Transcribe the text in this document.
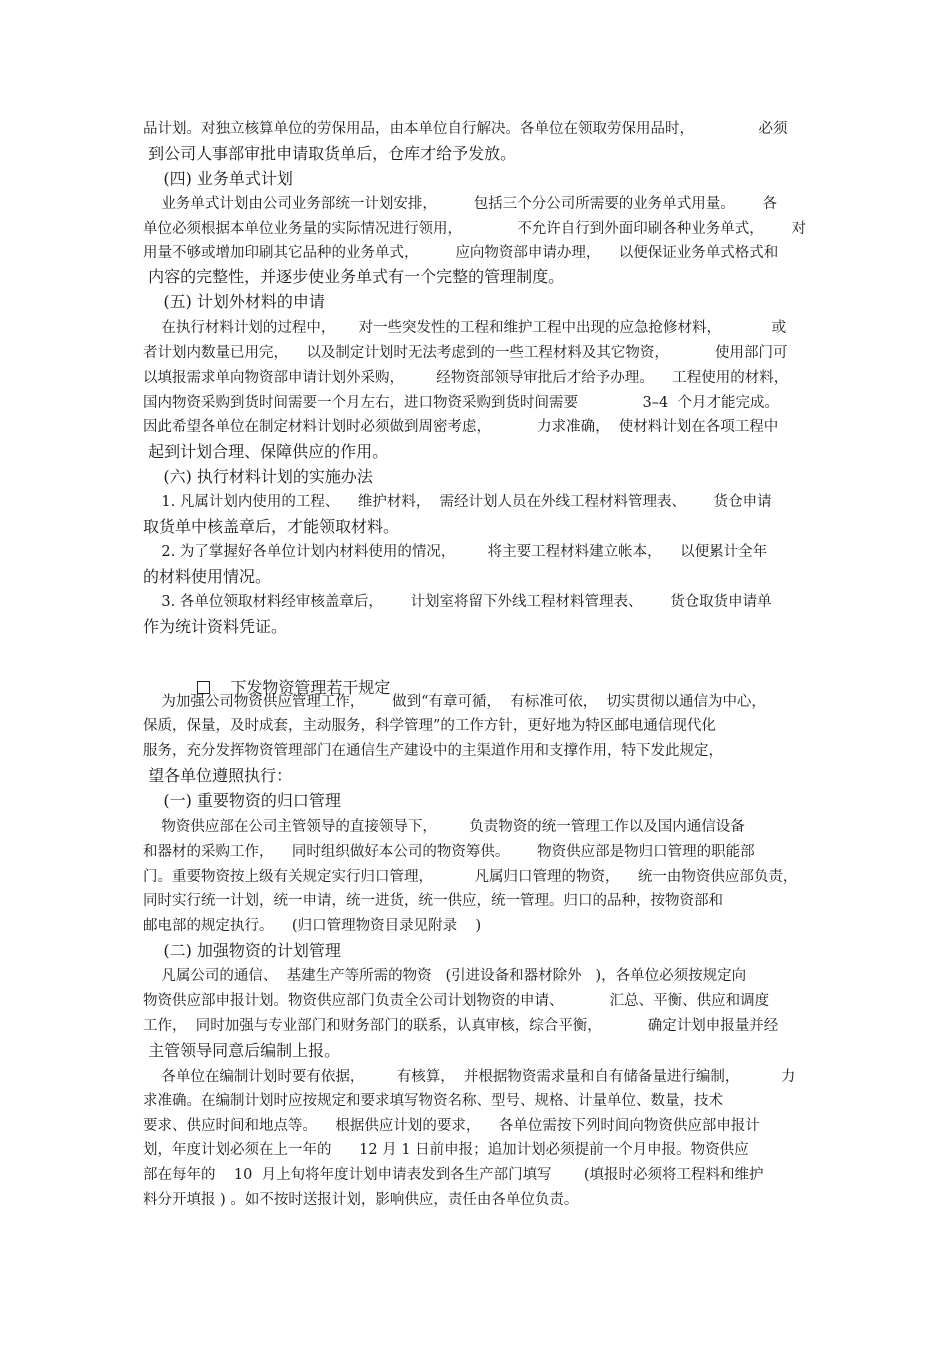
品计划。对独立核算单位的劳保用品，由本单位自行解决。各单位在领取劳保用品时，              必须
到公司人事部审批申请取货单后，仓库才给予发放。
(四) 业务单式计划
业务单式计划由公司业务部统一计划安排，        包括三个分公司所需要的业务单式用量。      各
单位必须根据本单位业务量的实际情况进行领用，            不允许自行到外面印刷各种业务单式，      对
用量不够或增加印刷其它品种的业务单式，        应向物资部申请办理，    以便保证业务单式格式和
内容的完整性，并逐步使业务单式有一个完整的管理制度。
(五) 计划外材料的申请
在执行材料计划的过程中，     对一些突发性的工程和维护工程中出现的应急抢修材料，           或
者计划内数量已用完，    以及制定计划时无法考虑到的一些工程材料及其它物资，          使用部门可
以填报需求单向物资部申请计划外采购，       经物资部领导审批后才给予办理。    工程使用的材料，
国内物资采购到货时间需要一个月左右，进口物资采购到货时间需要              3–4  个月才能完成。
因此希望各单位在制定材料计划时必须做到周密考虑，          力求准确，  使材料计划在各项工程中
起到计划合理、保障供应的作用。
(六) 执行材料计划的实施办法
1. 凡属计划内使用的工程、    维护材料，  需经计划人员在外线工程材料管理表、      货仓申请
取货单中核盖章后，才能领取材料。
2. 为了掌握好各单位计划内材料使用的情况，       将主要工程材料建立帐本，    以便累计全年
的材料使用情况。
3. 各单位领取材料经审核盖章后，      计划室将留下外线工程材料管理表、      货仓取货申请单
作为统计资料凭证。

下发物资管理若干规定

为加强公司物资供应管理工作，      做到“有章可循，  有标准可依，  切实贯彻以通信为中心，
保质，保量，及时成套，主动服务，科学管理”的工作方针，更好地为特区邮电通信现代化
服务，充分发挥物资管理部门在通信生产建设中的主渠道作用和支撑作用，特下发此规定，
望各单位遵照执行：
(一) 重要物资的归口管理
物资供应部在公司主管领导的直接领导下，       负责物资的统一管理工作以及国内通信设备
和器材的采购工作，    同时组织做好本公司的物资筹供。      物资供应部是物归口管理的职能部
门。重要物资按上级有关规定实行归口管理，         凡属归口管理的物资，    统一由物资供应部负责，
同时实行统一计划，统一申请，统一进货，统一供应，统一管理。归口的品种，按物资部和
邮电部的规定执行。    (归口管理物资目录见附录    )
(二) 加强物资的计划管理
凡属公司的通信、  基建生产等所需的物资   (引进设备和器材除外   )，各单位必须按规定向
物资供应部申报计划。物资供应部门负责全公司计划物资的申请、          汇总、平衡、供应和调度
工作，  同时加强与专业部门和财务部门的联系，认真审核，综合平衡，          确定计划申报量并经
主管领导同意后编制上报。
各单位在编制计划时要有依据，       有核算，  并根据物资需求量和自有储备量进行编制，         力
求准确。在编制计划时应按规定和要求填写物资名称、型号、规格、计量单位、数量，技术
要求、供应时间和地点等。    根据供应计划的要求，    各单位需按下列时间向物资供应部申报计
划，年度计划必须在上一年的      12 月 1 日前申报；追加计划必须提前一个月申报。物资供应
部在每年的    10  月上旬将年度计划申请表发到各生产部门填写       (填报时必须将工程料和维护
料分开填报 ) 。如不按时送报计划，影响供应，责任由各单位负责。
